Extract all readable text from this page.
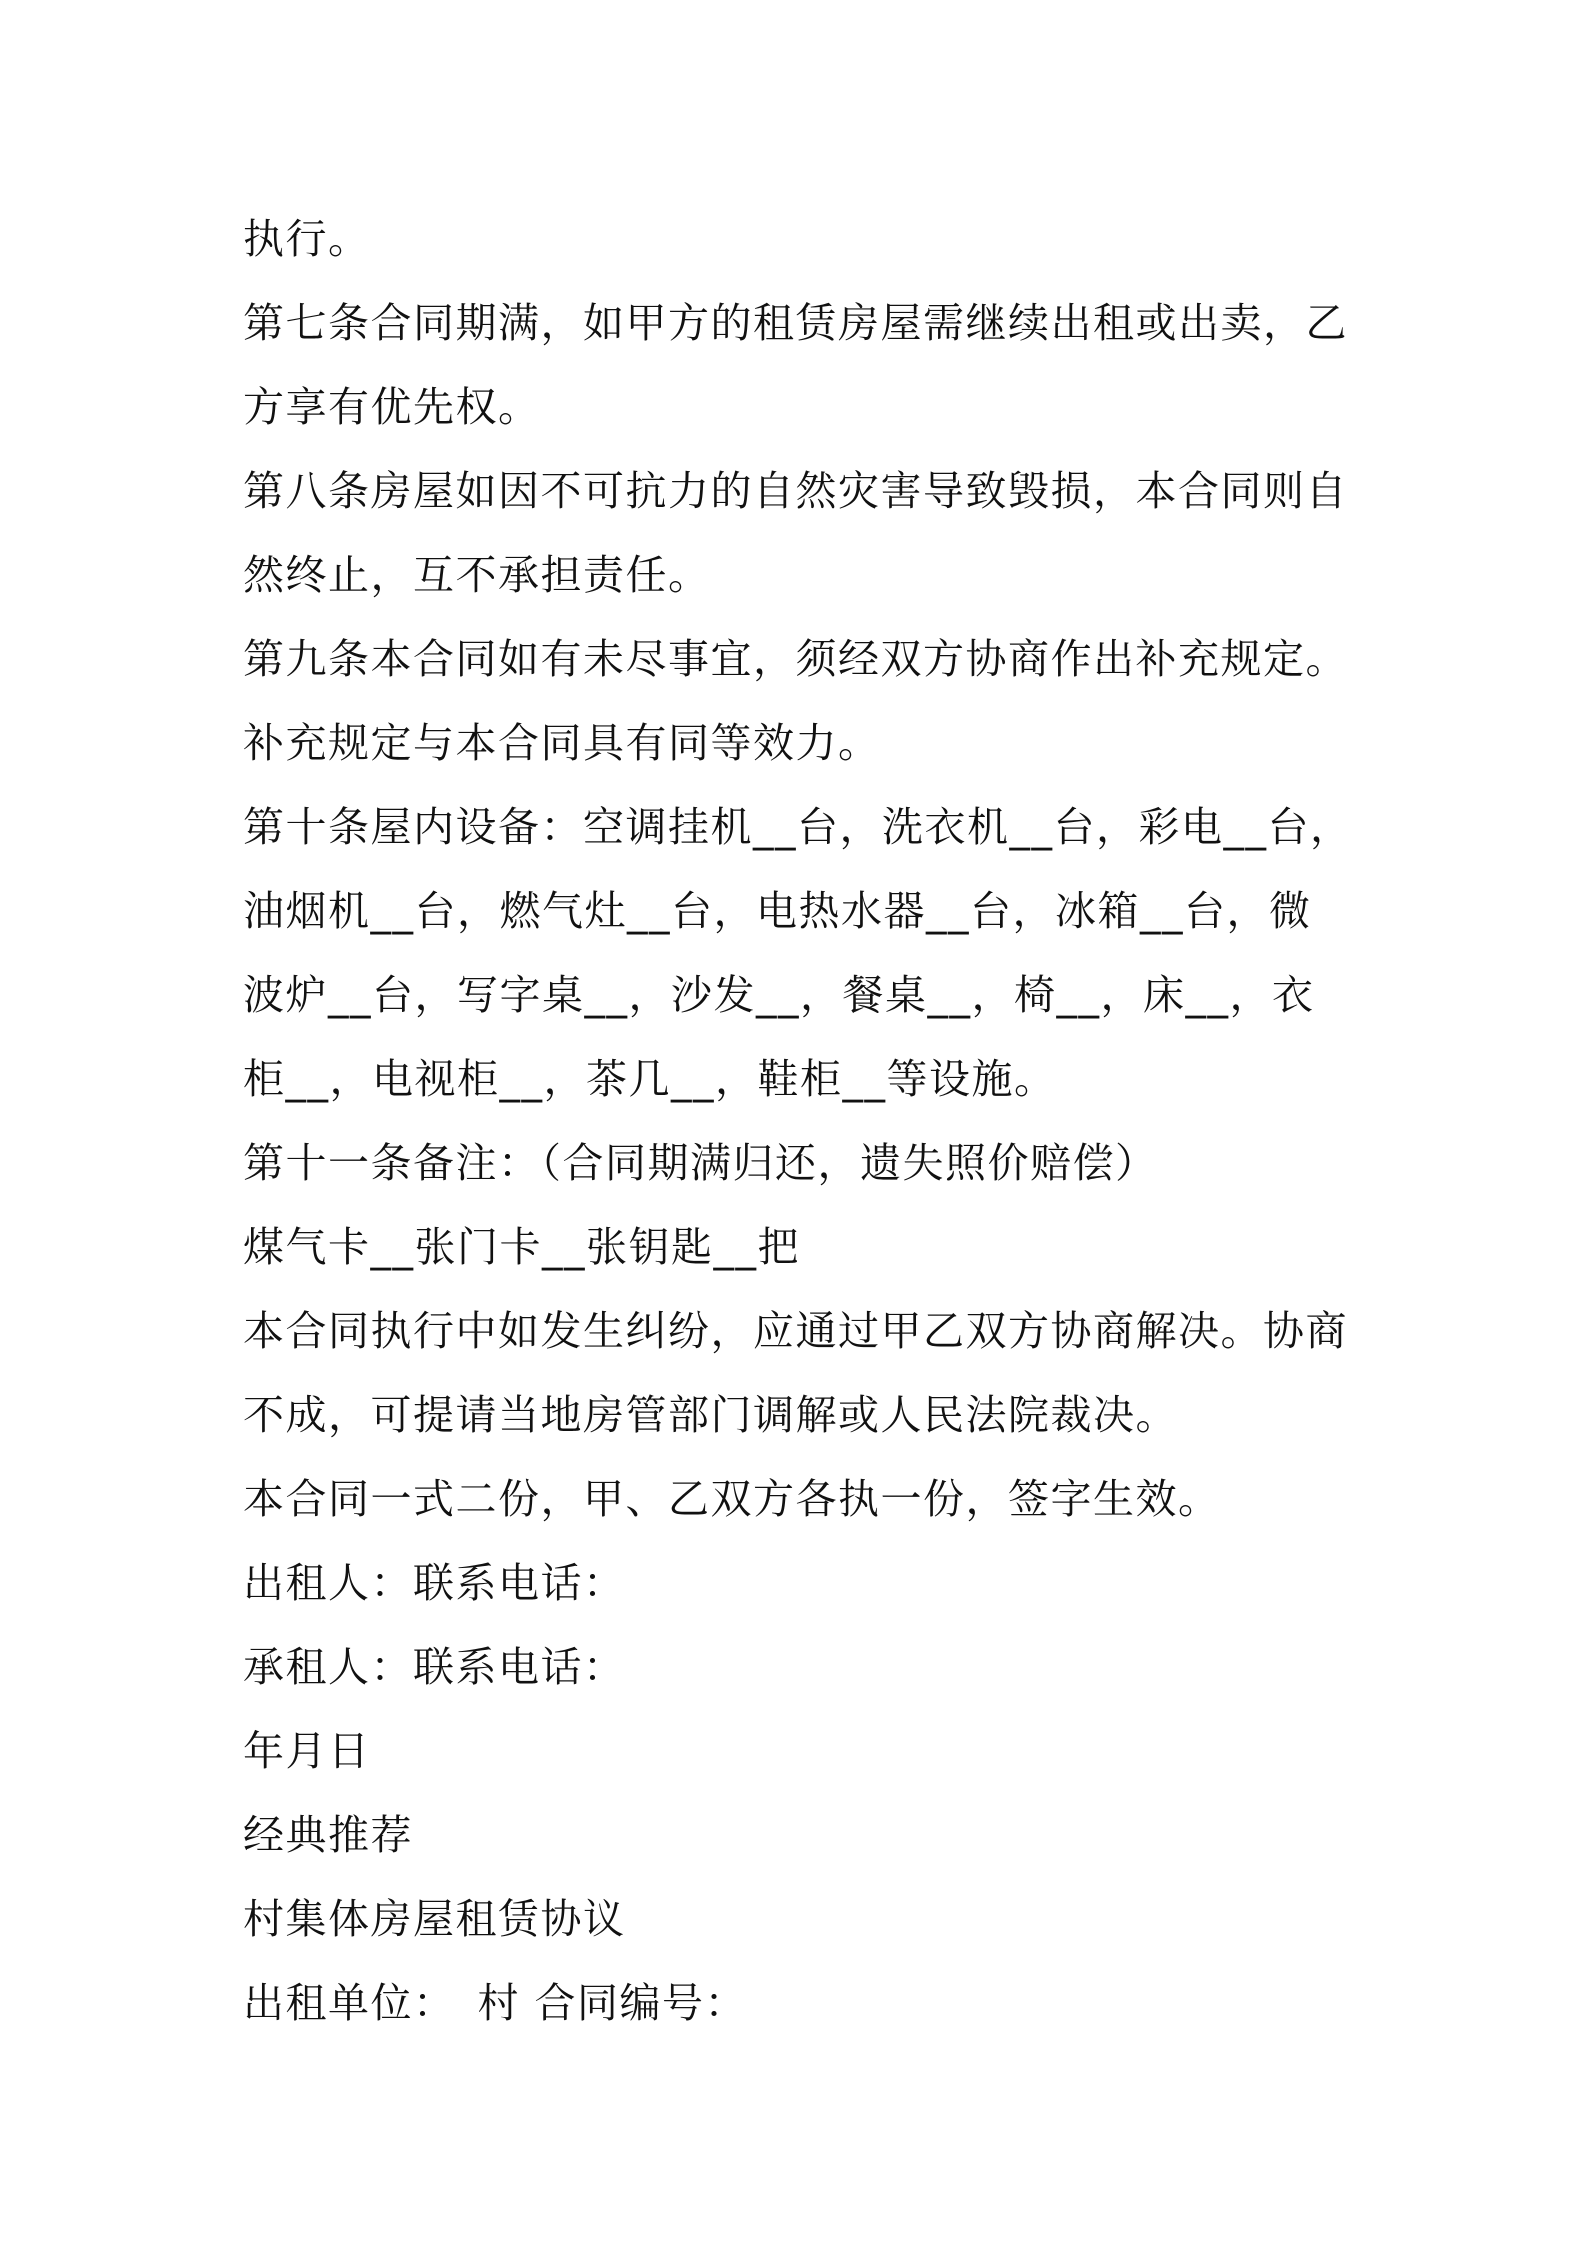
执行。
第七条合同期满，如甲方的租赁房屋需继续出租或出卖，乙
方享有优先权。
第八条房屋如因不可抗力的自然灾害导致毁损，本合同则自
然终止，互不承担责任。
第九条本合同如有未尽事宜，须经双方协商作出补充规定。
补充规定与本合同具有同等效力。
第十条屋内设备：空调挂机__台，洗衣机__台，彩电__台，
油烟机__台，燃气灶__台，电热水器__台，冰箱__台，微
波炉__台，写字桌__，沙发__，餐桌__，椅__，床__，衣
柜__，电视柜__，茶几__，鞋柜__等设施。
第十一条备注：（合同期满归还，遗失照价赔偿）
煤气卡__张门卡__张钥匙__把
本合同执行中如发生纠纷，应通过甲乙双方协商解决。协商
不成，可提请当地房管部门调解或人民法院裁决。
本合同一式二份，甲、乙双方各执一份，签字生效。
出租人：联系电话：
承租人：联系电话：
年月日
经典推荐
村集体房屋租赁协议
出租单位：　村 合同编号：
